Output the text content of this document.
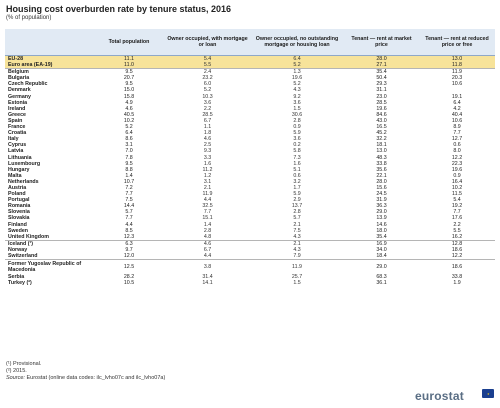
Housing cost overburden rate by tenure status, 2016
(% of population)
	Total population	Owner occupied, with mortgage or loan	Owner occupied, no outstanding mortgage or housing loan	Tenant — rent at market price	Tenant — rent at reduced price or free
EU-28	11.1	5.4	6.4	28.0	13.0
Euro area (EA-19)	11.0	5.5	5.2	27.1	11.8
Belgium	9.5	2.4	1.3	35.4	11.9
Bulgaria	20.7	23.2	19.6	50.4	20.3
Czech Republic	9.5	6.0	5.2	29.3	10.6
Denmark	15.0	5.2	4.3	31.1	
Germany	15.8	10.3	9.2	23.0	19.1
Estonia	4.9	3.6	3.6	28.5	6.4
Ireland	4.6	2.2	1.5	19.6	4.2
Greece	40.5	28.5	30.6	84.6	40.4
Spain	10.2	6.7	2.8	43.0	10.6
France	5.2	1.1	0.9	16.5	8.9
Croatia	6.4	1.8	5.9	45.2	7.7
Italy	8.6	4.6	3.6	32.2	12.7
Cyprus	3.1	2.5	0.2	18.1	0.6
Latvia	7.0	9.3	5.8	13.0	8.0
Lithuania	7.8	3.3	7.3	48.3	12.2
Luxembourg	9.5	1.6	1.6	33.8	22.3
Hungary	8.8	11.2	5.1	35.6	19.6
Malta	1.4	1.2	0.6	22.1	0.9
Netherlands	10.7	3.1	3.2	28.0	16.4
Austria	7.2	2.1	1.7	15.6	10.2
Poland	7.7	11.9	5.9	24.5	11.5
Portugal	7.5	4.4	2.9	31.9	5.4
Romania	14.4	32.5	13.7	36.3	19.2
Slovenia	5.7	7.7	2.8	29.0	7.7
Slovakia	7.7	15.1	5.7	13.9	17.6
Finland	4.4	1.4	2.1	14.6	2.2
Sweden	8.5	2.8	7.5	18.0	5.5
United Kingdom	12.3	4.8	4.3	35.4	16.2
Iceland (¹)	6.3	4.6	2.1	16.9	12.8
Norway	9.7	6.7	4.3	34.0	18.6
Switzerland	12.0	4.4	7.9	18.4	12.2
Former Yugoslav Republic of Macedonia	12.5	3.8	11.9	29.0	18.6
Serbia	28.2	31.4	25.7	68.3	33.8
Turkey (²)	10.5	14.1	1.5	36.1	1.9
(¹) Provisional.
(²) 2015.
Source: Eurostat (online data codes: ilc_lvho07c and ilc_lvho07a)
eurostat	★
